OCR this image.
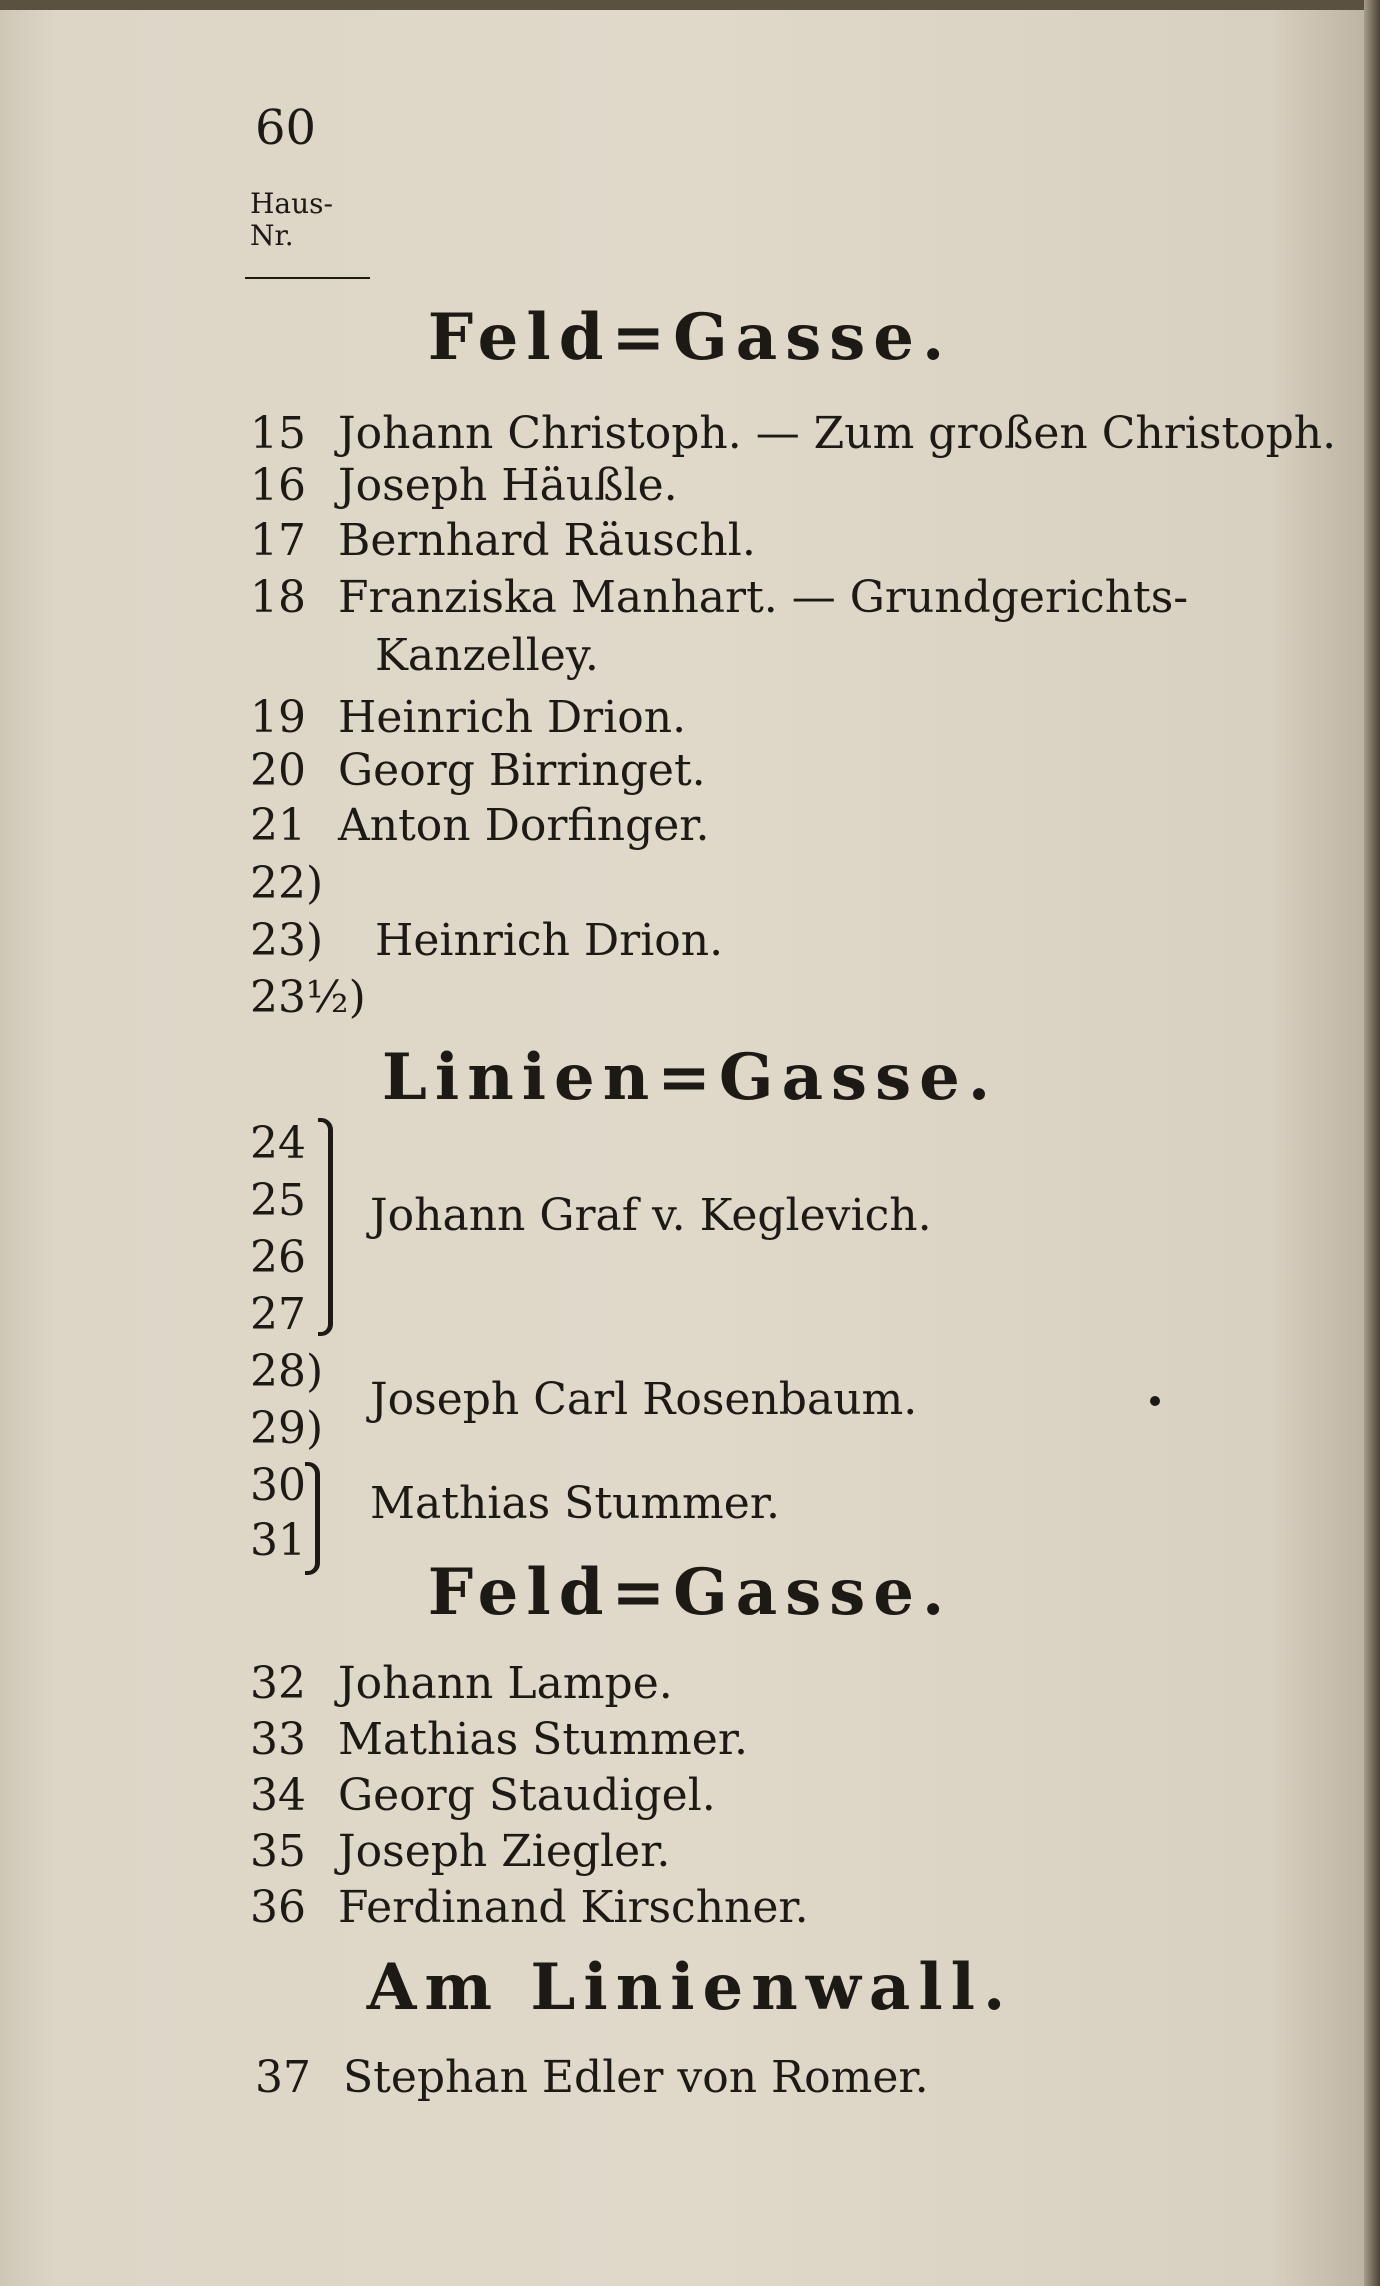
60
Haus-
Nr.
Feld=Gasse.
15 Johann Christoph. — Zum großen Christoph.
16 Joseph Häußle.
17 Bernhard Räuschl.
18 Franziska Manhart. — Grundgerichts-
Kanzelley.
19 Heinrich Drion.
20 Georg Birringet.
21 Anton Dorfinger.
22)
23) Heinrich Drion.
23½)
Linien=Gasse.
24
25
26
27
Johann Graf v. Keglevich.
28)
29)
Joseph Carl Rosenbaum.
30
31
Mathias Stummer.
Feld=Gasse.
32 Johann Lampe.
33 Mathias Stummer.
34 Georg Staudigel.
35 Joseph Ziegler.
36 Ferdinand Kirschner.
Am Linienwall.
37 Stephan Edler von Romer.
